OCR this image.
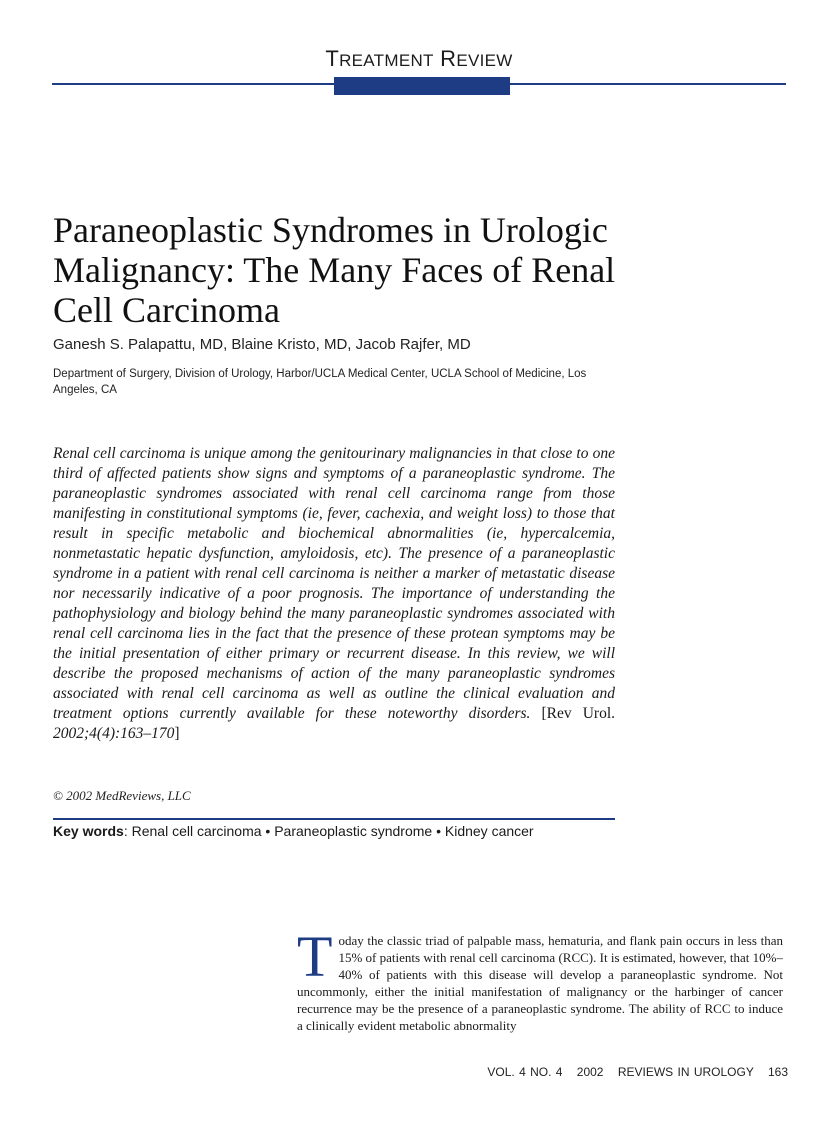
TREATMENT REVIEW
Paraneoplastic Syndromes in Urologic Malignancy: The Many Faces of Renal Cell Carcinoma
Ganesh S. Palapattu, MD, Blaine Kristo, MD, Jacob Rajfer, MD
Department of Surgery, Division of Urology, Harbor/UCLA Medical Center, UCLA School of Medicine, Los Angeles, CA
Renal cell carcinoma is unique among the genitourinary malignancies in that close to one third of affected patients show signs and symptoms of a paraneoplastic syndrome. The paraneoplastic syndromes associated with renal cell carcinoma range from those manifesting in constitutional symptoms (ie, fever, cachexia, and weight loss) to those that result in specific metabolic and biochemical abnormalities (ie, hypercalcemia, nonmetastatic hepatic dysfunction, amyloidosis, etc). The presence of a paraneoplastic syndrome in a patient with renal cell carcinoma is neither a marker of metastatic disease nor necessarily indicative of a poor prognosis. The importance of understanding the pathophysiology and biology behind the many paraneoplastic syndromes associated with renal cell carcinoma lies in the fact that the presence of these protean symptoms may be the initial presentation of either primary or recurrent disease. In this review, we will describe the proposed mechanisms of action of the many paraneoplastic syndromes associated with renal cell carcinoma as well as outline the clinical evaluation and treatment options currently available for these noteworthy disorders. [Rev Urol. 2002;4(4):163–170]
© 2002 MedReviews, LLC
Key words: Renal cell carcinoma • Paraneoplastic syndrome • Kidney cancer
Today the classic triad of palpable mass, hematuria, and flank pain occurs in less than 15% of patients with renal cell carcinoma (RCC). It is estimated, however, that 10%–40% of patients with this disease will develop a paraneoplastic syndrome. Not uncommonly, either the initial manifestation of malignancy or the harbinger of cancer recurrence may be the presence of a paraneoplastic syndrome. The ability of RCC to induce a clinically evident metabolic abnormality
VOL. 4 NO. 4 2002 REVIEWS IN UROLOGY 163
